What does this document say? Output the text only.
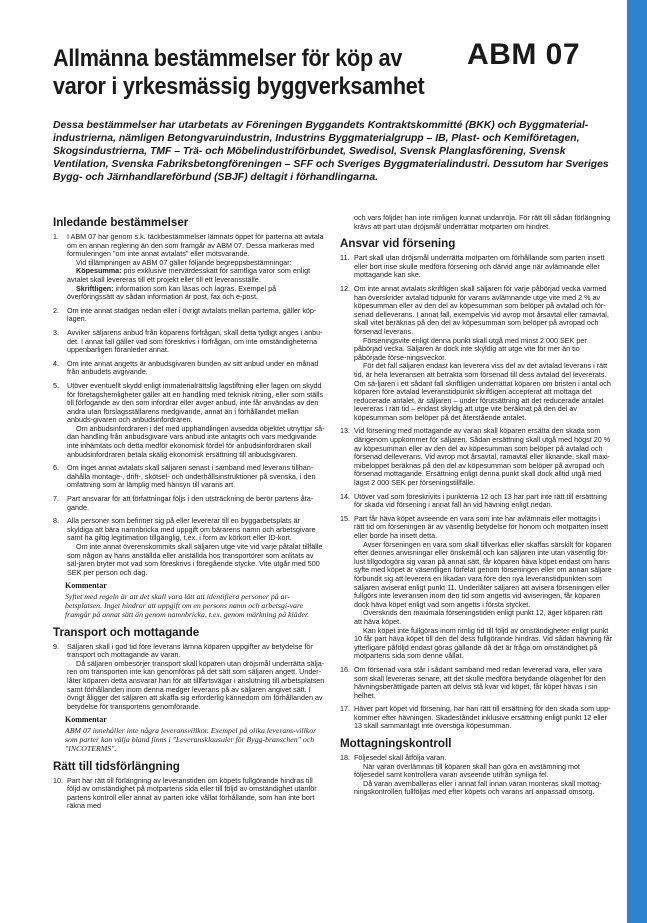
Allmänna bestämmelser för köp av varor i yrkesmässig byggverksamhet
ABM 07
Dessa bestämmelser har utarbetats av Föreningen Byggandets Kontraktskommitté (BKK) och Byggmaterial-industrierna, nämligen Betongvaruindustrin, Industrins Byggmaterialgrupp – IB, Plast- och Kemiföretagen, Skogsindustrierna, TMF – Trä- och Möbelindustriförbundet, Swedisol, Svensk Planglasförening, Svensk Ventilation, Svenska Fabriksbetongföreningen – SFF och Sveriges Byggmaterialindustri. Dessutom har Sveriges Bygg- och Järnhandlareförbund (SBJF) deltagit i förhandlingarna.
Inledande bestämmelser
1.	I ABM 07 har genom s.k. täckbestämmelser lämnats öppet för parterna att avtala om en annan reglering än den som framgår av ABM 07. Dessa markeras med formuleringen "om inte annat avtalats" eller motsvarande.

Vid tillämpningen av ABM 07 gäller följande begreppsbestämningar:

Köpesumma: pris exklusive mervärdesskatt för samtliga varor som enligt avtalet skall levereras till ett projekt eller till ett leveransställe.

Skriftligen: information som kan läsas och lagras. Exempel på överföringssätt av sådan information är post, fax och e-post.

2.	Om inte annat stadgas nedan eller i övrigt avtalats mellan parterna, gäller köp-lagen.

3.	Avviker säljarens anbud från köparens förfrågan, skall detta tydligt anges i anbu-det. I annat fall gäller vad som föreskrivs i förfrågan, om inte omständigheterna uppenbarligen föranleder annat.

4.	Om inte annat angetts är anbudsgivaren bunden av sitt anbud under en månad från anbudets avgivande.

5.	Utöver eventuellt skydd enligt immaterialrättslig lagstiftning eller lagen om skydd för företagshemligheter gäller att en handling med teknisk ritning, eller som ställs till förfogande av den som infordrar eller avger anbud, inte får användas av den andra utan förslagsställarens medgivande, annat än i förhållandet mellan anbuds-givaren och anbudsinfordraren.

Om anbudsinfordraren i det med upphandlingen avsedda objektet utnyttjar så-dan handling från anbudsgivare vars anbud inte antagits och vars medgivande inte inhämtats och detta medför ekonomisk fördel för anbudsinfordraren skall anbudsinfordraren betala skälig ekonomisk ersättning till anbudsgivaren.

6.	Om inget annat avtalats skall säljaren senast i samband med leverans tillhan-dahålla montage-, drift-, skötsel- och underhållsinstruktioner på svenska, i den omfattning som är lämplig med hänsyn till varans art.

7.	Part ansvarar för att författningar följs i den utsträckning de berör partens åta-gande.

8.	Alla personer som befinner sig på eller levererar till en byggarbetsplats är skyldiga att bära namnbricka med uppgift om bärarens namn och arbetsgivare samt ha giltig legitimation tillgänglig, t.ex. i form av körkort eller ID-kort.

Om inte annat överenskommits skall säljaren utge vite vid varje påtalat tillfälle som någon av hans anställda eller anställda hos transportörer som anlitats av säl-jaren bryter mot vad som föreskrivs i föregående stycke. Vite utgår med 500 SEK per person och dag.

Kommentar
Syftet med regeln är att det skall vara lätt att identifiera personer på ar-betsplatsen. Inget hindrar att uppgift om en persons namn och arbetsgi-vare framgår på annat sätt än genom namnbricka, t.ex. genom märkning på kläder.
Transport och mottagande
9.	Säljaren skall i god tid före leverans lämna köparen uppgifter av betydelse för transport och mottagande av varan.

Då säljaren ombesörjer transport skall köparen utan dröjsmål underrätta sälja-ren om transporten inte kan genomföras på det sätt som säljaren angett. Under-låter köparen detta ansvarar han för att tillfartsvägar i anslutning till arbetsplatsen samt förhållanden inom denna medger leverans på av säljaren angivet sätt. I övrigt åligger det säljaren att skaffa sig erforderlig kännedom om förhållanden av betydelse för transportens genomförande.

Kommentar
ABM 07 innehåller inte några leveransvillkor. Exempel på olika leverans-villkor som parter kan välja bland finns i "Leveransklausuler för Bygg-branschen" och "INCOTERMS".
Rätt till tidsförlängning
10. Part har rätt till förlängning av leveranstiden om köpets fullgörande hindras till följd av omständighet på motpartens sida eller till följd av omständighet utanför partens kontroll eller annat av parten icke vållat förhållande, som han inte bort räkna med

och vars följder han inte rimligen kunnat undanröja. För rätt till sådan förlängning krävs att part utan dröjsmål underrättar motparten om hindret.
Ansvar vid försening
11. Part skall utan dröjsmål underrätta motparten om förhållande som parten insett eller bort inse skulle medföra försening och därvid ange när avlämnande eller mottagande kan ske.

12. Om inte annat avtalats skriftligen skall säljaren för varje påbörjad vecka varmed han överskrider avtalad tidpunkt för varans avlämnande utge vite med 2 % av köpesumman eller av den del av köpesumman som belöper på avtalad och för-senad delleverans. I annat fall, exempelvis vid avrop mot årsavtal eller ramavtal, skall vitet beräknas på den del av köpesumman som belöper på avropad och försenad leverans.

Förseningsvite enligt denna punkt skall utgå med minst 2 000 SEK per påbörjad vecka. Säljaren är dock inte skyldig att utge vite för mer än tio påbörjade förse-ningsveckor.

För det fall säljaren endast kan leverera viss del av det avtalad leverans i rätt tid, är hela leveransen att betrakta som försenad till dess avtalad del levererats. Om sä-ljaren i ett sådant fall skriftligen underrättat köparen om bristen i antal och köparen före avtalad leveranstidpunkt skriftligen accepterat att mottaga det reducerade antalet, är säljaren – under förutsättning att det reducerade antalet levereras i rätt tid – endast skyldig att utge vite beräknat på den del av köpesumman som belöper på det återstående antalet.

13. Vid försening med mottagande av varan skall köparen ersätta den skada som därigenom uppkommer för säljaren. Sådan ersättning skall utgå med högst 20 % av köpesumman eller av den del av köpesumman som belöper på avtalad och försenad delleverans. Vid avrop mot årsavtal, ramavtal eller liknande, skall maxi-mibeloppet beräknas på den del av köpesumman som belöper på avropad och försenad mottagande. Ersättning enligt denna punkt skall dock alltid utgå med lägst 2 000 SEK per förseningstillfälle.

14. Utöver vad som föreskrivits i punkterna 12 och 13 har part inte rätt till ersättning för skada vid försening i annat fall än vid hävning enligt nedan.

15. Part får häva köpet avseende en vara som inte har avlämnats eller mottagits i rätt tid om förseningen är av väsentlig betydelse för honom och motparten insett eller borde ha insett detta.

Avser förseningen en vara som skall tillverkas eller skaffas särskilt för köparen efter dennes anvisningar eller önskemål och kan säljaren inte utan väsentlig för-lust tillgodogöra sig varan på annat sätt, får köparen häva köpet endast om hans syfte med köpet är väsentligen förfelat genom förseningen eller om annan säljare förbundit sig att leverera en likadan vara före den nya leveranstidpunkten som säljaren aviserat enligt punkt 11. Underlåter säljaren att avisera förseningen eller fullgörs inte leveransen inom den tid som angetts vid aviseringen, får köparen dock häva köpet enligt vad som angetts i första stycket.

Överskrids den maximala förseningstiden enligt punkt 12, äger köparen rätt att häva köpet.

Kan köpet inte fullgöras inom rimlig tid till följd av omständigheter enligt punkt 10 får part häva köpet till den del dess fullgörande hindras. Vid sådan hävning får ytterligare påföljd endast göras gällande då det är fråga om omständighet på motpartens sida som denne vållat.

16. Om försenad vara står i sådant samband med redan levererad vara, eller vara som skall levereras senare, att det skulle medföra betydande olägenhet för den hävningsberättigade parten att delvis stå kvar vid köpet, får köpet hävas i sin helhet.

17. Häver part köpet vid försening, har han rätt till ersättning för den skada som upp-kommer efter hävningen. Skadeståndet inklusive ersättning enligt punkt 12 eller 13 skall sammanlagt inte överstiga köpesumman.

Mottagningskontroll
18. Följesedel skall åtfölja varan.

När varan överlämnas till köparen skall han göra en avstämning mot följesedel samt kontrollera varan avseende utifrån synliga fel.

Då varan avemballeras eller i annat fall innan varan monteras skall mottag-ningskontrollen fullföljas med efter köpets och varans art anpassad omsorg.
